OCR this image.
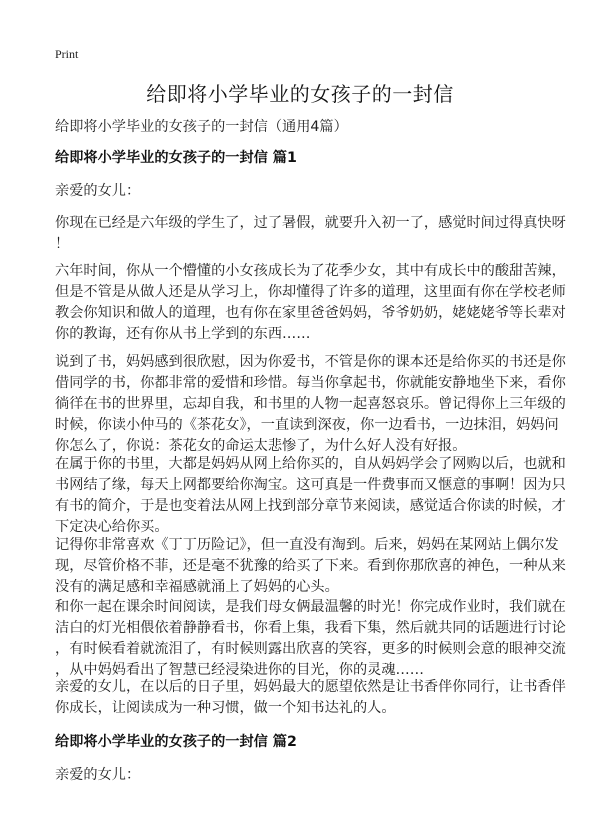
Print
给即将小学毕业的女孩子的一封信
给即将小学毕业的女孩子的一封信（通用4篇）
给即将小学毕业的女孩子的一封信 篇1
亲爱的女儿：
你现在已经是六年级的学生了，过了暑假，就要升入初一了，感觉时间过得真快呀
！
六年时间，你从一个懵懂的小女孩成长为了花季少女，其中有成长中的酸甜苦辣，
但是不管是从做人还是从学习上，你却懂得了许多的道理，这里面有你在学校老师
教会你知识和做人的道理，也有你在家里爸爸妈妈，爷爷奶奶，姥姥姥爷等长辈对
你的教诲，还有你从书上学到的东西……
说到了书，妈妈感到很欣慰，因为你爱书，不管是你的课本还是给你买的书还是你
借同学的书，你都非常的爱惜和珍惜。每当你拿起书，你就能安静地坐下来，看你
徜徉在书的世界里，忘却自我，和书里的人物一起喜怒哀乐。曾记得你上三年级的
时候，你读小仲马的《茶花女》，一直读到深夜，你一边看书，一边抹泪，妈妈问
你怎么了，你说：茶花女的命运太悲惨了，为什么好人没有好报。
在属于你的书里，大都是妈妈从网上给你买的，自从妈妈学会了网购以后，也就和
书网结了缘，每天上网都要给你淘宝。这可真是一件费事而又惬意的事啊！因为只
有书的简介，于是也变着法从网上找到部分章节来阅读，感觉适合你读的时候，才
下定决心给你买。
记得你非常喜欢《丁丁历险记》，但一直没有淘到。后来，妈妈在某网站上偶尔发
现，尽管价格不菲，还是毫不犹豫的给买了下来。看到你那欣喜的神色，一种从来
没有的满足感和幸福感就涌上了妈妈的心头。
和你一起在课余时间阅读，是我们母女俩最温馨的时光！你完成作业时，我们就在
洁白的灯光相偎依着静静看书，你看上集，我看下集，然后就共同的话题进行讨论
，有时候看着就流泪了，有时候则露出欣喜的笑容，更多的时候则会意的眼神交流
，从中妈妈看出了智慧已经浸染进你的目光，你的灵魂……
亲爱的女儿，在以后的日子里，妈妈最大的愿望依然是让书香伴你同行，让书香伴
你成长，让阅读成为一种习惯，做一个知书达礼的人。
给即将小学毕业的女孩子的一封信 篇2
亲爱的女儿：
